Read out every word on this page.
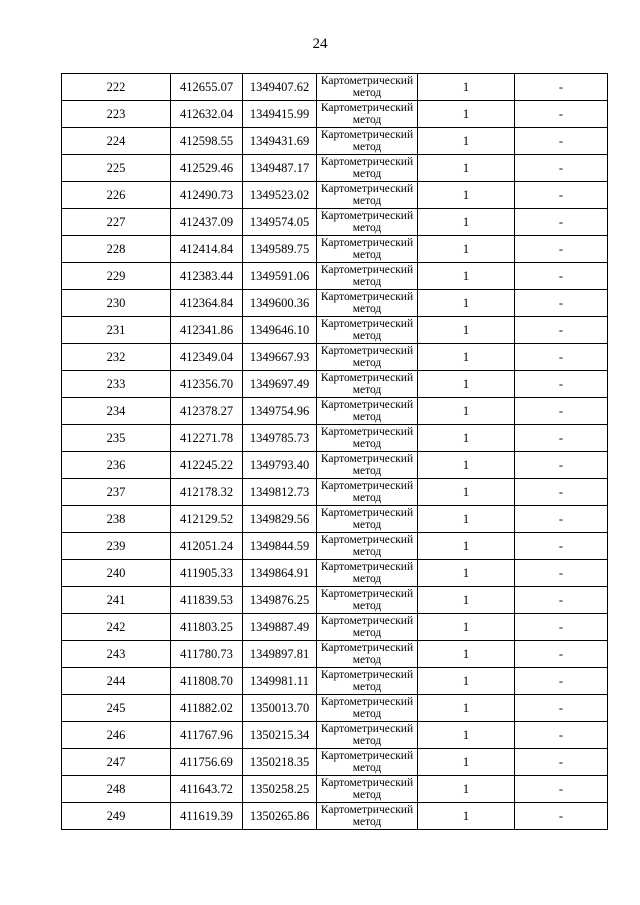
24
222	412655.07	1349407.62	Картометрический метод	1	-
223	412632.04	1349415.99	Картометрический метод	1	-
224	412598.55	1349431.69	Картометрический метод	1	-
225	412529.46	1349487.17	Картометрический метод	1	-
226	412490.73	1349523.02	Картометрический метод	1	-
227	412437.09	1349574.05	Картометрический метод	1	-
228	412414.84	1349589.75	Картометрический метод	1	-
229	412383.44	1349591.06	Картометрический метод	1	-
230	412364.84	1349600.36	Картометрический метод	1	-
231	412341.86	1349646.10	Картометрический метод	1	-
232	412349.04	1349667.93	Картометрический метод	1	-
233	412356.70	1349697.49	Картометрический метод	1	-
234	412378.27	1349754.96	Картометрический метод	1	-
235	412271.78	1349785.73	Картометрический метод	1	-
236	412245.22	1349793.40	Картометрический метод	1	-
237	412178.32	1349812.73	Картометрический метод	1	-
238	412129.52	1349829.56	Картометрический метод	1	-
239	412051.24	1349844.59	Картометрический метод	1	-
240	411905.33	1349864.91	Картометрический метод	1	-
241	411839.53	1349876.25	Картометрический метод	1	-
242	411803.25	1349887.49	Картометрический метод	1	-
243	411780.73	1349897.81	Картометрический метод	1	-
244	411808.70	1349981.11	Картометрический метод	1	-
245	411882.02	1350013.70	Картометрический метод	1	-
246	411767.96	1350215.34	Картометрический метод	1	-
247	411756.69	1350218.35	Картометрический метод	1	-
248	411643.72	1350258.25	Картометрический метод	1	-
249	411619.39	1350265.86	Картометрический метод	1	-
